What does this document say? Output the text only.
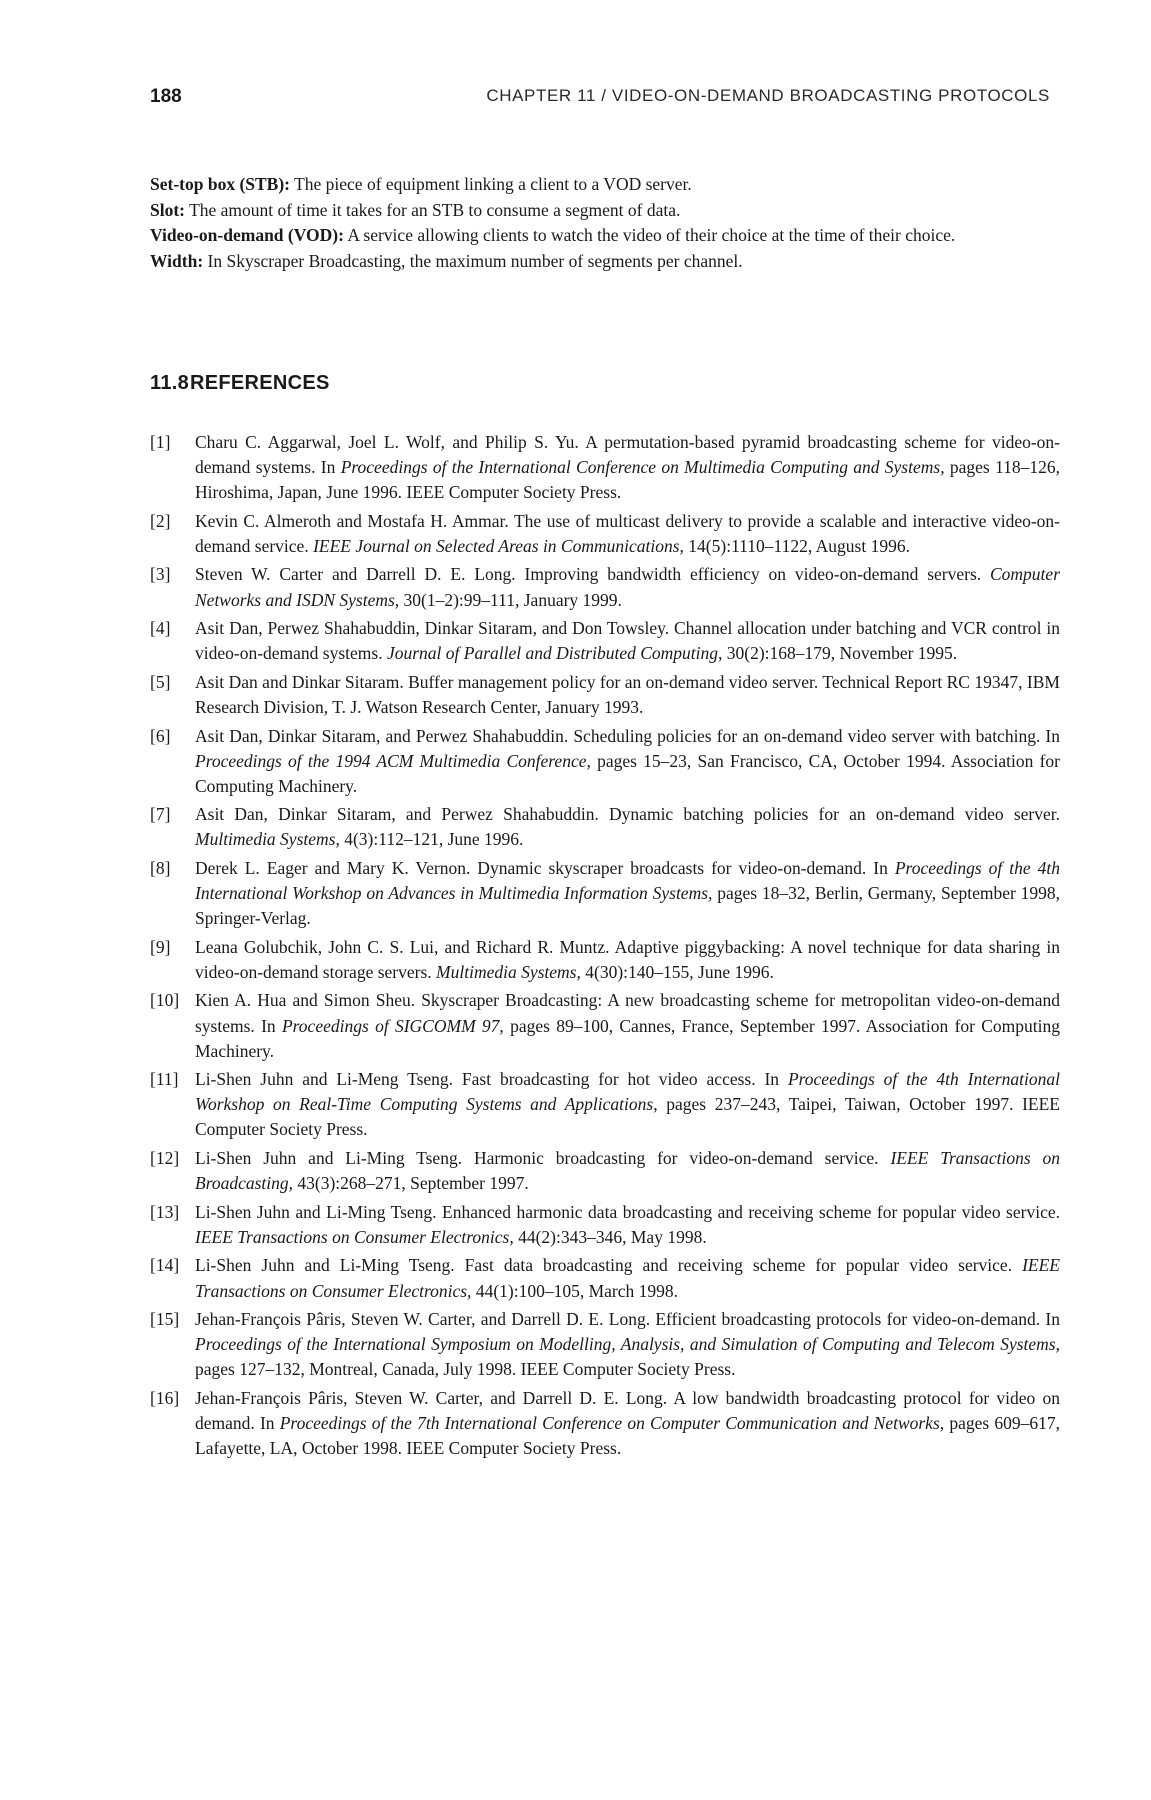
188	CHAPTER 11 / VIDEO-ON-DEMAND BROADCASTING PROTOCOLS
Set-top box (STB): The piece of equipment linking a client to a VOD server.
Slot: The amount of time it takes for an STB to consume a segment of data.
Video-on-demand (VOD): A service allowing clients to watch the video of their choice at the time of their choice.
Width: In Skyscraper Broadcasting, the maximum number of segments per channel.
11.8REFERENCES
[1]	Charu C. Aggarwal, Joel L. Wolf, and Philip S. Yu. A permutation-based pyramid broadcasting scheme for video-on-demand systems. In Proceedings of the International Conference on Multimedia Computing and Systems, pages 118–126, Hiroshima, Japan, June 1996. IEEE Computer Society Press.
[2]	Kevin C. Almeroth and Mostafa H. Ammar. The use of multicast delivery to provide a scalable and interactive video-on-demand service. IEEE Journal on Selected Areas in Communications, 14(5):1110–1122, August 1996.
[3]	Steven W. Carter and Darrell D. E. Long. Improving bandwidth efficiency on video-on-demand servers. Computer Networks and ISDN Systems, 30(1–2):99–111, January 1999.
[4]	Asit Dan, Perwez Shahabuddin, Dinkar Sitaram, and Don Towsley. Channel allocation under batching and VCR control in video-on-demand systems. Journal of Parallel and Distributed Computing, 30(2):168–179, November 1995.
[5]	Asit Dan and Dinkar Sitaram. Buffer management policy for an on-demand video server. Technical Report RC 19347, IBM Research Division, T. J. Watson Research Center, January 1993.
[6]	Asit Dan, Dinkar Sitaram, and Perwez Shahabuddin. Scheduling policies for an on-demand video server with batching. In Proceedings of the 1994 ACM Multimedia Conference, pages 15–23, San Francisco, CA, October 1994. Association for Computing Machinery.
[7]	Asit Dan, Dinkar Sitaram, and Perwez Shahabuddin. Dynamic batching policies for an on-demand video server. Multimedia Systems, 4(3):112–121, June 1996.
[8]	Derek L. Eager and Mary K. Vernon. Dynamic skyscraper broadcasts for video-on-demand. In Proceedings of the 4th International Workshop on Advances in Multimedia Information Systems, pages 18–32, Berlin, Germany, September 1998, Springer-Verlag.
[9]	Leana Golubchik, John C. S. Lui, and Richard R. Muntz. Adaptive piggybacking: A novel technique for data sharing in video-on-demand storage servers. Multimedia Systems, 4(30):140–155, June 1996.
[10] Kien A. Hua and Simon Sheu. Skyscraper Broadcasting: A new broadcasting scheme for metropolitan video-on-demand systems. In Proceedings of SIGCOMM 97, pages 89–100, Cannes, France, September 1997. Association for Computing Machinery.
[11] Li-Shen Juhn and Li-Meng Tseng. Fast broadcasting for hot video access. In Proceedings of the 4th International Workshop on Real-Time Computing Systems and Applications, pages 237–243, Taipei, Taiwan, October 1997. IEEE Computer Society Press.
[12] Li-Shen Juhn and Li-Ming Tseng. Harmonic broadcasting for video-on-demand service. IEEE Transactions on Broadcasting, 43(3):268–271, September 1997.
[13] Li-Shen Juhn and Li-Ming Tseng. Enhanced harmonic data broadcasting and receiving scheme for popular video service. IEEE Transactions on Consumer Electronics, 44(2):343–346, May 1998.
[14] Li-Shen Juhn and Li-Ming Tseng. Fast data broadcasting and receiving scheme for popular video service. IEEE Transactions on Consumer Electronics, 44(1):100–105, March 1998.
[15] Jehan-François Pâris, Steven W. Carter, and Darrell D. E. Long. Efficient broadcasting protocols for video-on-demand. In Proceedings of the International Symposium on Modelling, Analysis, and Simulation of Computing and Telecom Systems, pages 127–132, Montreal, Canada, July 1998. IEEE Computer Society Press.
[16] Jehan-François Pâris, Steven W. Carter, and Darrell D. E. Long. A low bandwidth broadcasting protocol for video on demand. In Proceedings of the 7th International Conference on Computer Communication and Networks, pages 609–617, Lafayette, LA, October 1998. IEEE Computer Society Press.
